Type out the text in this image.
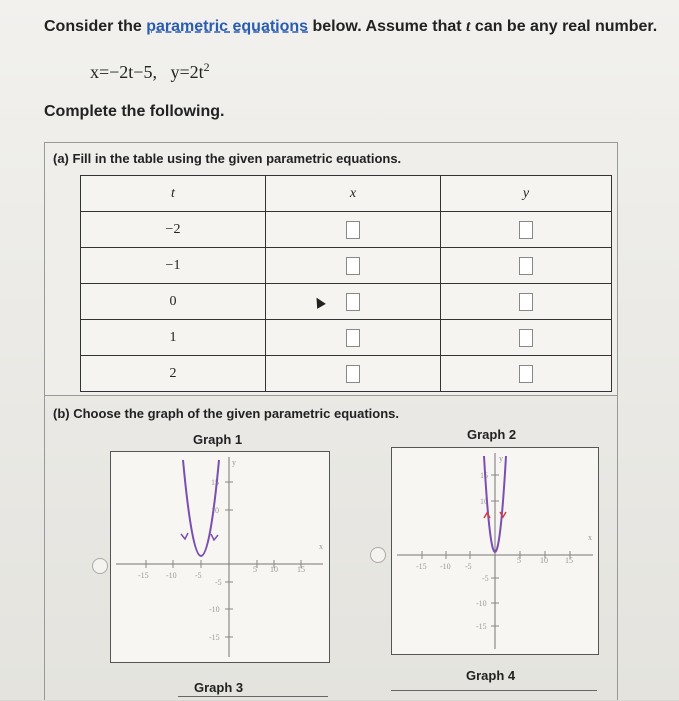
Consider the parametric equations below. Assume that t can be any real number.
x=−2t−5, $y=2t^2$
Complete the following.
(a) Fill in the table using the given parametric equations.
t	x	y
−2		
−1		
0		
1		
2		
(b) Choose the graph of the given parametric equations.
Graph 1	Graph 2
Graph 3
Graph 4
-15 -10 -5
5 10 15
15
10
-5
-10
-15
x
y
-15 -10 -5
5 10 15
15
10
-5
-10
-15
x
y
